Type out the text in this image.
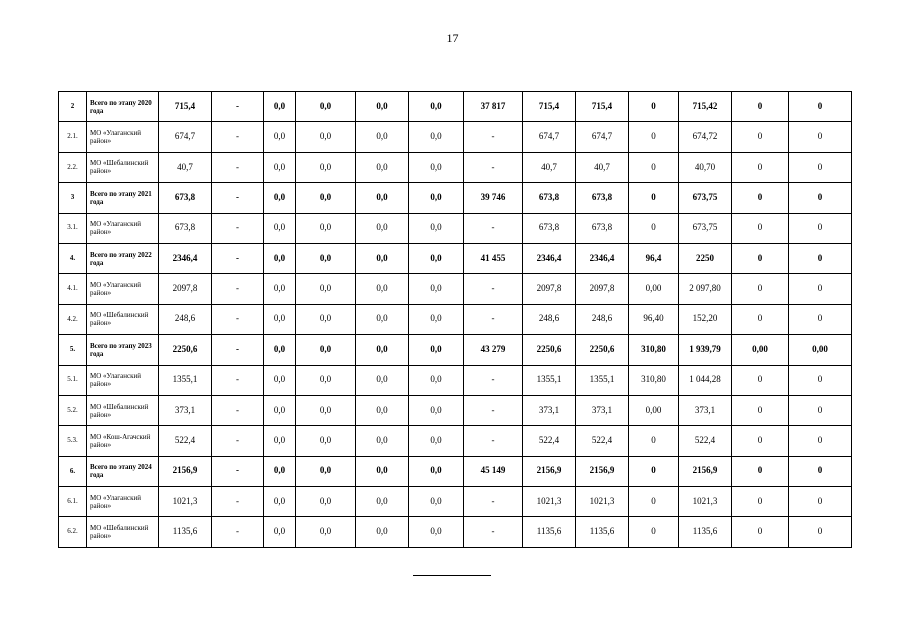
17
2	Всего по этапу 2020 года	715,4	-	0,0	0,0	0,0	0,0	37 817	715,4	715,4	0	715,42	0	0
2.1.	МО «Улаганский район»	674,7	-	0,0	0,0	0,0	0,0	-	674,7	674,7	0	674,72	0	0
2.2.	МО «Шебалинский район»	40,7	-	0,0	0,0	0,0	0,0	-	40,7	40,7	0	40,70	0	0
3	Всего по этапу 2021 года	673,8	-	0,0	0,0	0,0	0,0	39 746	673,8	673,8	0	673,75	0	0
3.1.	МО «Улаганский район»	673,8	-	0,0	0,0	0,0	0,0	-	673,8	673,8	0	673,75	0	0
4.	Всего по этапу 2022 года	2346,4	-	0,0	0,0	0,0	0,0	41 455	2346,4	2346,4	96,4	2250	0	0
4.1.	МО «Улаганский район»	2097,8	-	0,0	0,0	0,0	0,0	-	2097,8	2097,8	0,00	2 097,80	0	0
4.2.	МО «Шебалинский район»	248,6	-	0,0	0,0	0,0	0,0	-	248,6	248,6	96,40	152,20	0	0
5.	Всего по этапу 2023 года	2250,6	-	0,0	0,0	0,0	0,0	43 279	2250,6	2250,6	310,80	1 939,79	0,00	0,00
5.1.	МО «Улаганский район»	1355,1	-	0,0	0,0	0,0	0,0	-	1355,1	1355,1	310,80	1 044,28	0	0
5.2.	МО «Шебалинский район»	373,1	-	0,0	0,0	0,0	0,0	-	373,1	373,1	0,00	373,1	0	0
5.3.	МО «Кош-Агачский район»	522,4	-	0,0	0,0	0,0	0,0	-	522,4	522,4	0	522,4	0	0
6.	Всего по этапу 2024 года	2156,9	-	0,0	0,0	0,0	0,0	45 149	2156,9	2156,9	0	2156,9	0	0
6.1.	МО «Улаганский район»	1021,3	-	0,0	0,0	0,0	0,0	-	1021,3	1021,3	0	1021,3	0	0
6.2.	МО «Шебалинский район»	1135,6	-	0,0	0,0	0,0	0,0	-	1135,6	1135,6	0	1135,6	0	0
